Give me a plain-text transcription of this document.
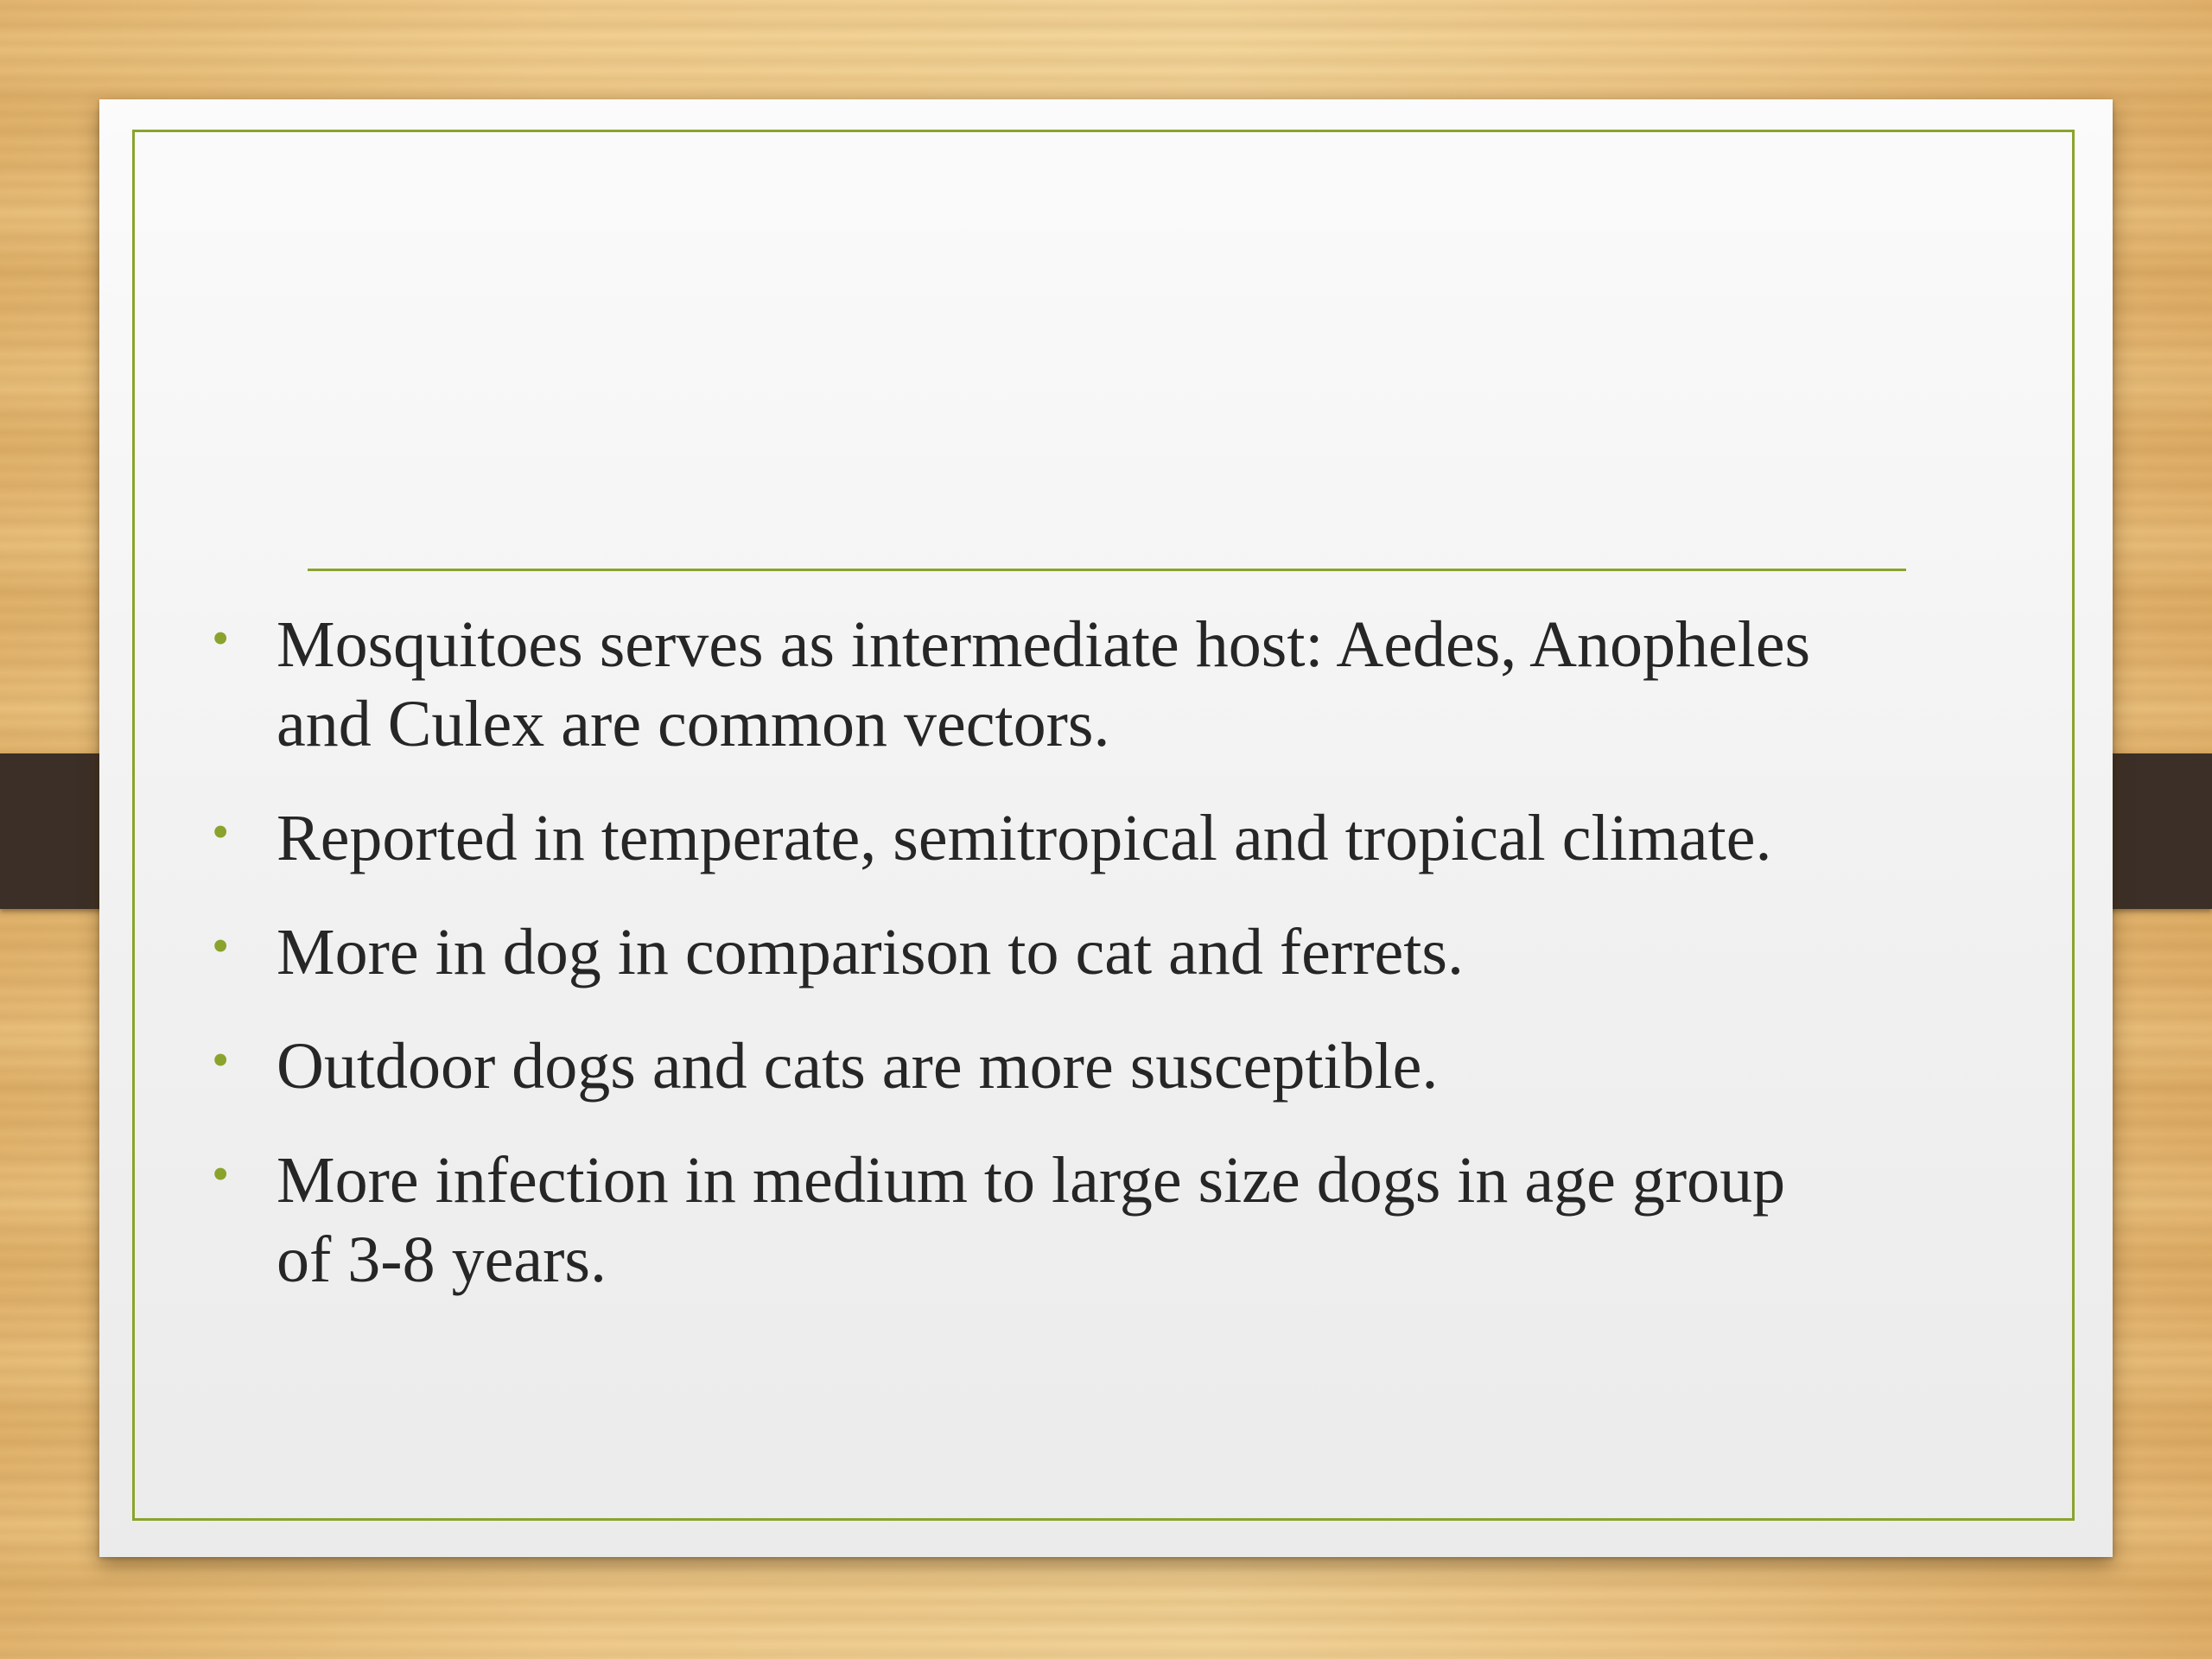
• Mosquitoes serves as intermediate host: Aedes, Anopheles and Culex are common vectors.
• Reported in temperate, semitropical and tropical climate.
• More in dog in comparison to cat and ferrets.
• Outdoor dogs and cats are more susceptible.
• More infection in medium to large size dogs in age group of 3-8 years.
